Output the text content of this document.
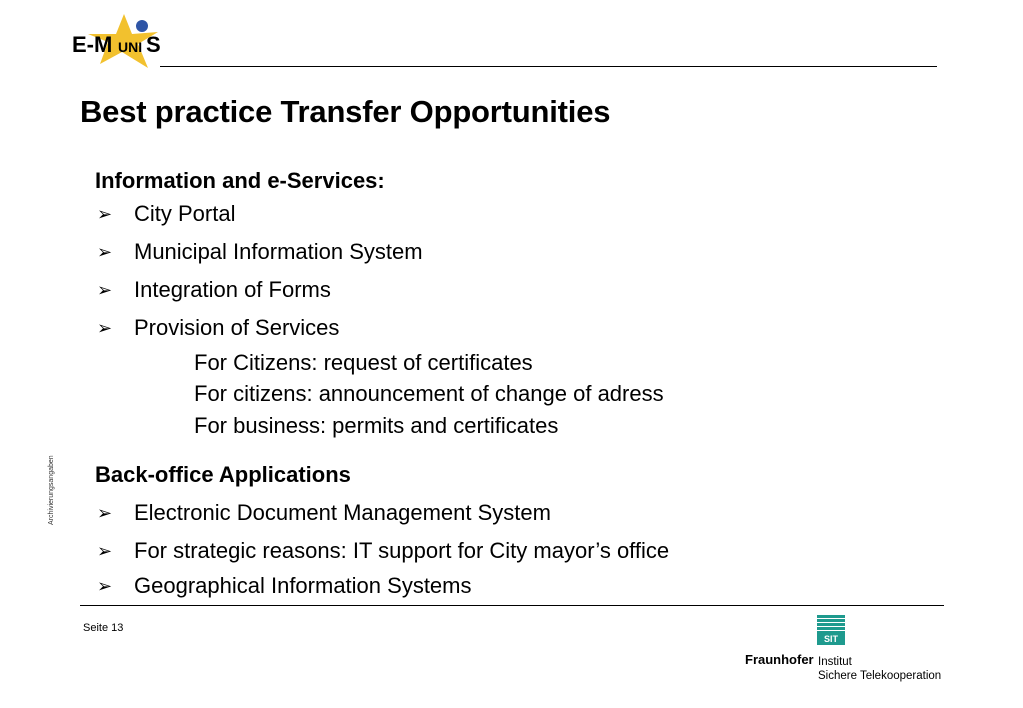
E-M UNI S
Best practice Transfer Opportunities
Information and e-Services:
➢ City Portal
➢ Municipal Information System
➢ Integration of Forms
➢ Provision of Services
For Citizens: request of certificates
For citizens: announcement of change of adress
For business: permits and certificates
Back-office Applications
➢ Electronic Document Management System
➢ For strategic reasons: IT support for City mayor’s office
➢ Geographical Information Systems
Archivierungsangaben
Seite 13
SIT
Fraunhofer Institut
Sichere Telekooperation
